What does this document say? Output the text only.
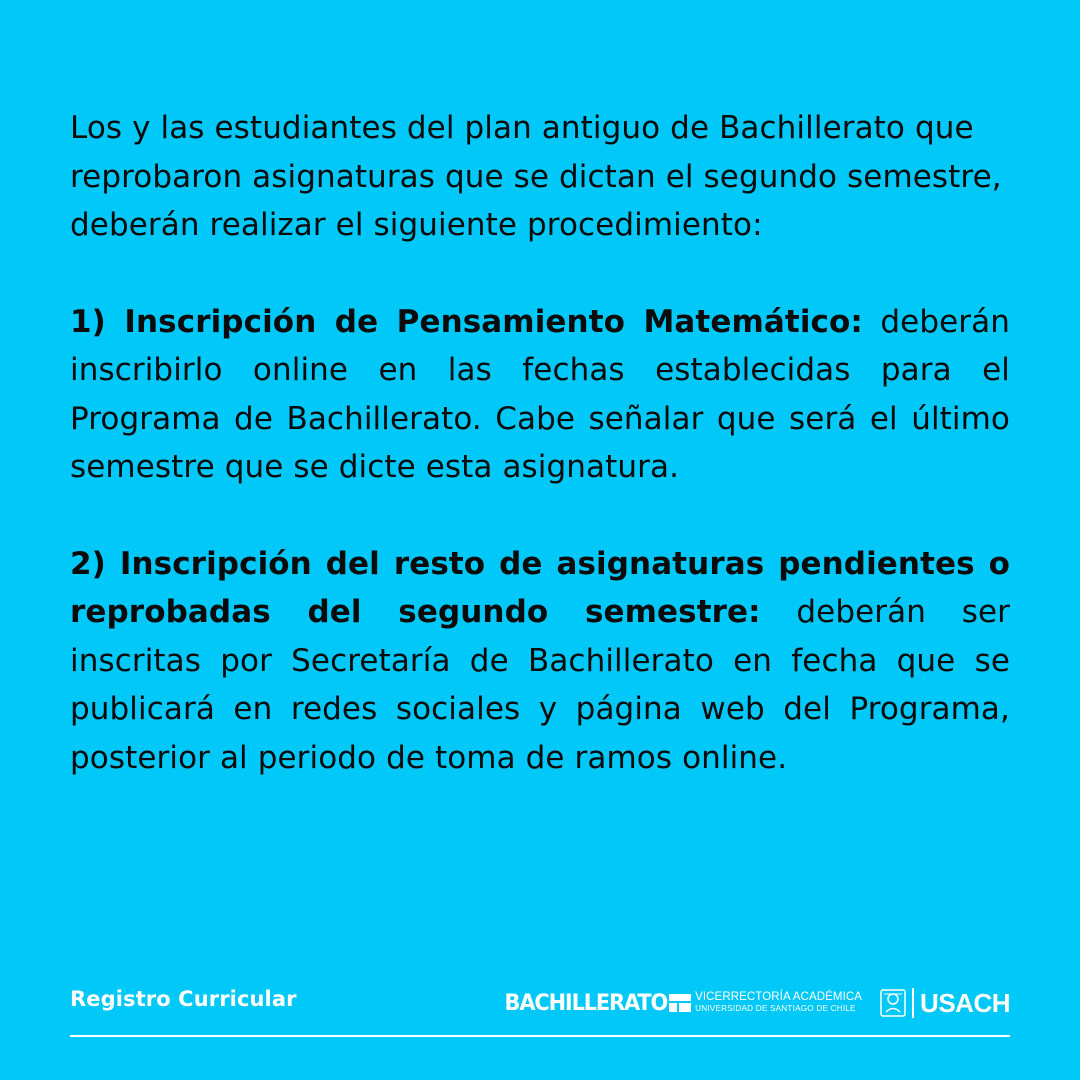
Los y las estudiantes del plan antiguo de Bachillerato que reprobaron asignaturas que se dictan el segundo semestre, deberán realizar el siguiente procedimiento:

1) Inscripción de Pensamiento Matemático: deberán inscribirlo online en las fechas establecidas para el Programa de Bachillerato. Cabe señalar que será el último semestre que se dicte esta asignatura.

2) Inscripción del resto de asignaturas pendientes o reprobadas del segundo semestre: deberán ser inscritas por Secretaría de Bachillerato en fecha que se publicará en redes sociales y página web del Programa, posterior al periodo de toma de ramos online.

Registro Curricular	BACHILLERATO VICERRECTORÍA ACADÉMICA
UNIVERSIDAD DE SANTIAGO DE CHILE	USACH
